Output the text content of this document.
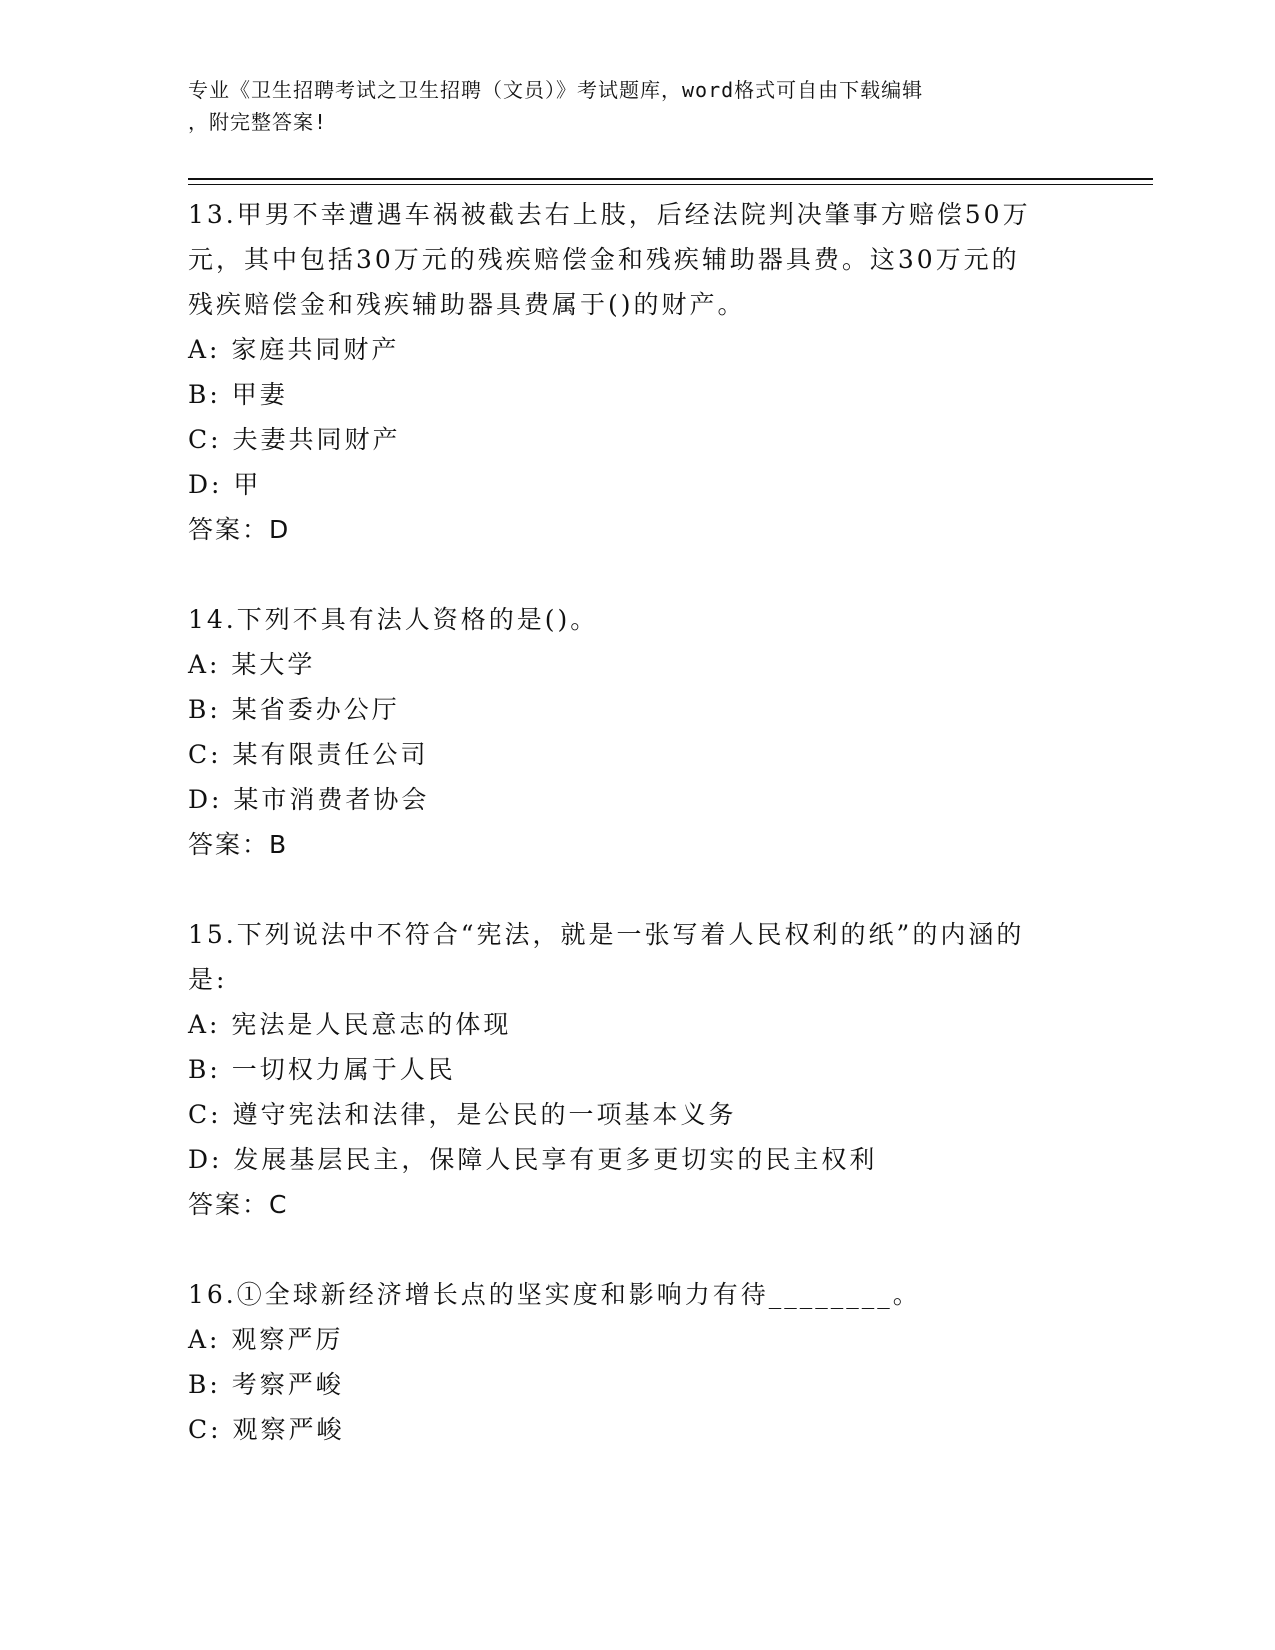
专业《卫生招聘考试之卫生招聘（文员）》考试题库，word格式可自由下载编辑
，附完整答案!
13.甲男不幸遭遇车祸被截去右上肢，后经法院判决肇事方赔偿50万
元，其中包括30万元的残疾赔偿金和残疾辅助器具费。这30万元的
残疾赔偿金和残疾辅助器具费属于()的财产。
A: 家庭共同财产
B: 甲妻
C: 夫妻共同财产
D: 甲
答案：D
14.下列不具有法人资格的是()。
A: 某大学
B: 某省委办公厅
C: 某有限责任公司
D: 某市消费者协会
答案：B
15.下列说法中不符合“宪法，就是一张写着人民权利的纸”的内涵的
是:
A: 宪法是人民意志的体现
B: 一切权力属于人民
C: 遵守宪法和法律，是公民的一项基本义务
D: 发展基层民主，保障人民享有更多更切实的民主权利
答案：C
16.①全球新经济增长点的坚实度和影响力有待________。
A: 观察严厉
B: 考察严峻
C: 观察严峻
